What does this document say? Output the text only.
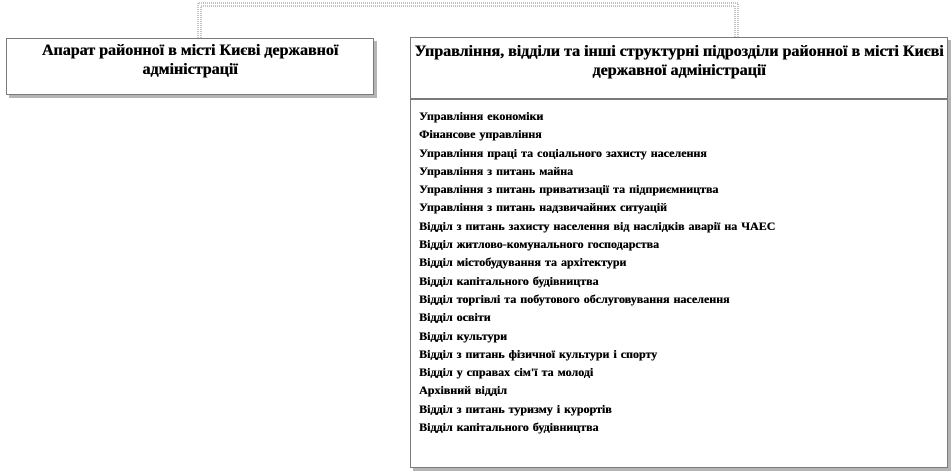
Апарат районної в місті Києві державної адміністрації
Управління, відділи та інші структурні підрозділи районної в місті Києві державної адміністрації
Управління економіки
Фінансове управління
Управління праці та соціального захисту населення
Управління з питань майна
Управління з питань приватизації та підприємництва
Управління з питань надзвичайних ситуацій
Відділ з питань захисту населення від наслідків аварії на ЧАЕС
Відділ житлово-комунального господарства
Відділ містобудування та архітектури
Відділ капітального будівництва
Відділ торгівлі та побутового обслуговування населення
Відділ освіти
Відділ культури
Відділ з питань фізичної культури і спорту
Відділ у справах сім'ї та молоді
Архівний відділ
Відділ з питань туризму і курортів
Відділ капітального будівництва
